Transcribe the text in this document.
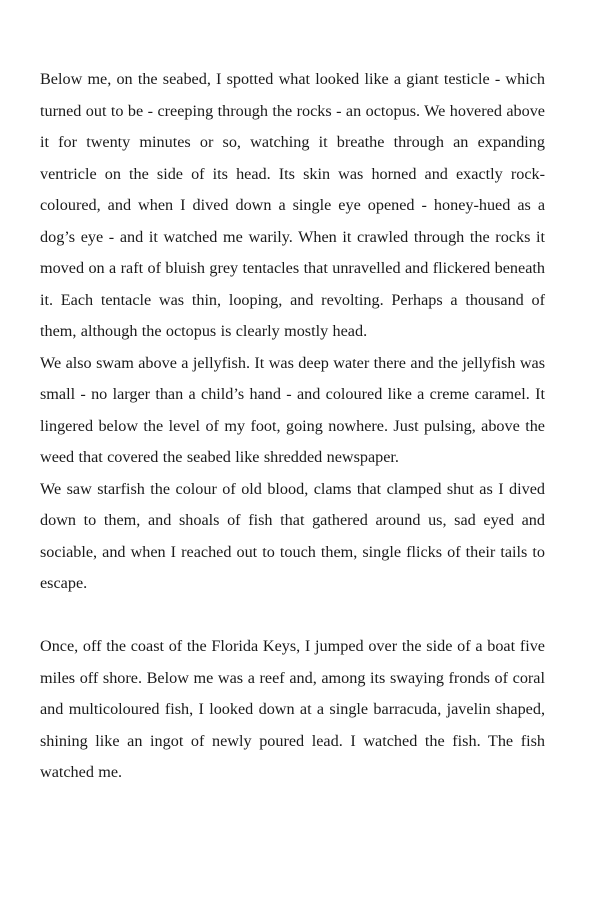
Below me, on the seabed, I spotted what looked like a giant testicle - which turned out to be - creeping through the rocks - an octopus. We hovered above it for twenty minutes or so, watching it breathe through an expanding ventricle on the side of its head. Its skin was horned and exactly rock-coloured, and when I dived down a single eye opened - honey-hued as a dog’s eye - and it watched me warily. When it crawled through the rocks it moved on a raft of bluish grey tentacles that unravelled and flickered beneath it. Each tentacle was thin, looping, and revolting. Perhaps a thousand of them, although the octopus is clearly mostly head.

We also swam above a jellyfish. It was deep water there and the jellyfish was small - no larger than a child’s hand - and coloured like a creme caramel. It lingered below the level of my foot, going nowhere. Just pulsing, above the weed that covered the seabed like shredded newspaper.

We saw starfish the colour of old blood, clams that clamped shut as I dived down to them, and shoals of fish that gathered around us, sad eyed and sociable, and when I reached out to touch them, single flicks of their tails to escape.

Once, off the coast of the Florida Keys, I jumped over the side of a boat five miles off shore. Below me was a reef and, among its swaying fronds of coral and multicoloured fish, I looked down at a single barracuda, javelin shaped, shining like an ingot of newly poured lead. I watched the fish. The fish watched me.
